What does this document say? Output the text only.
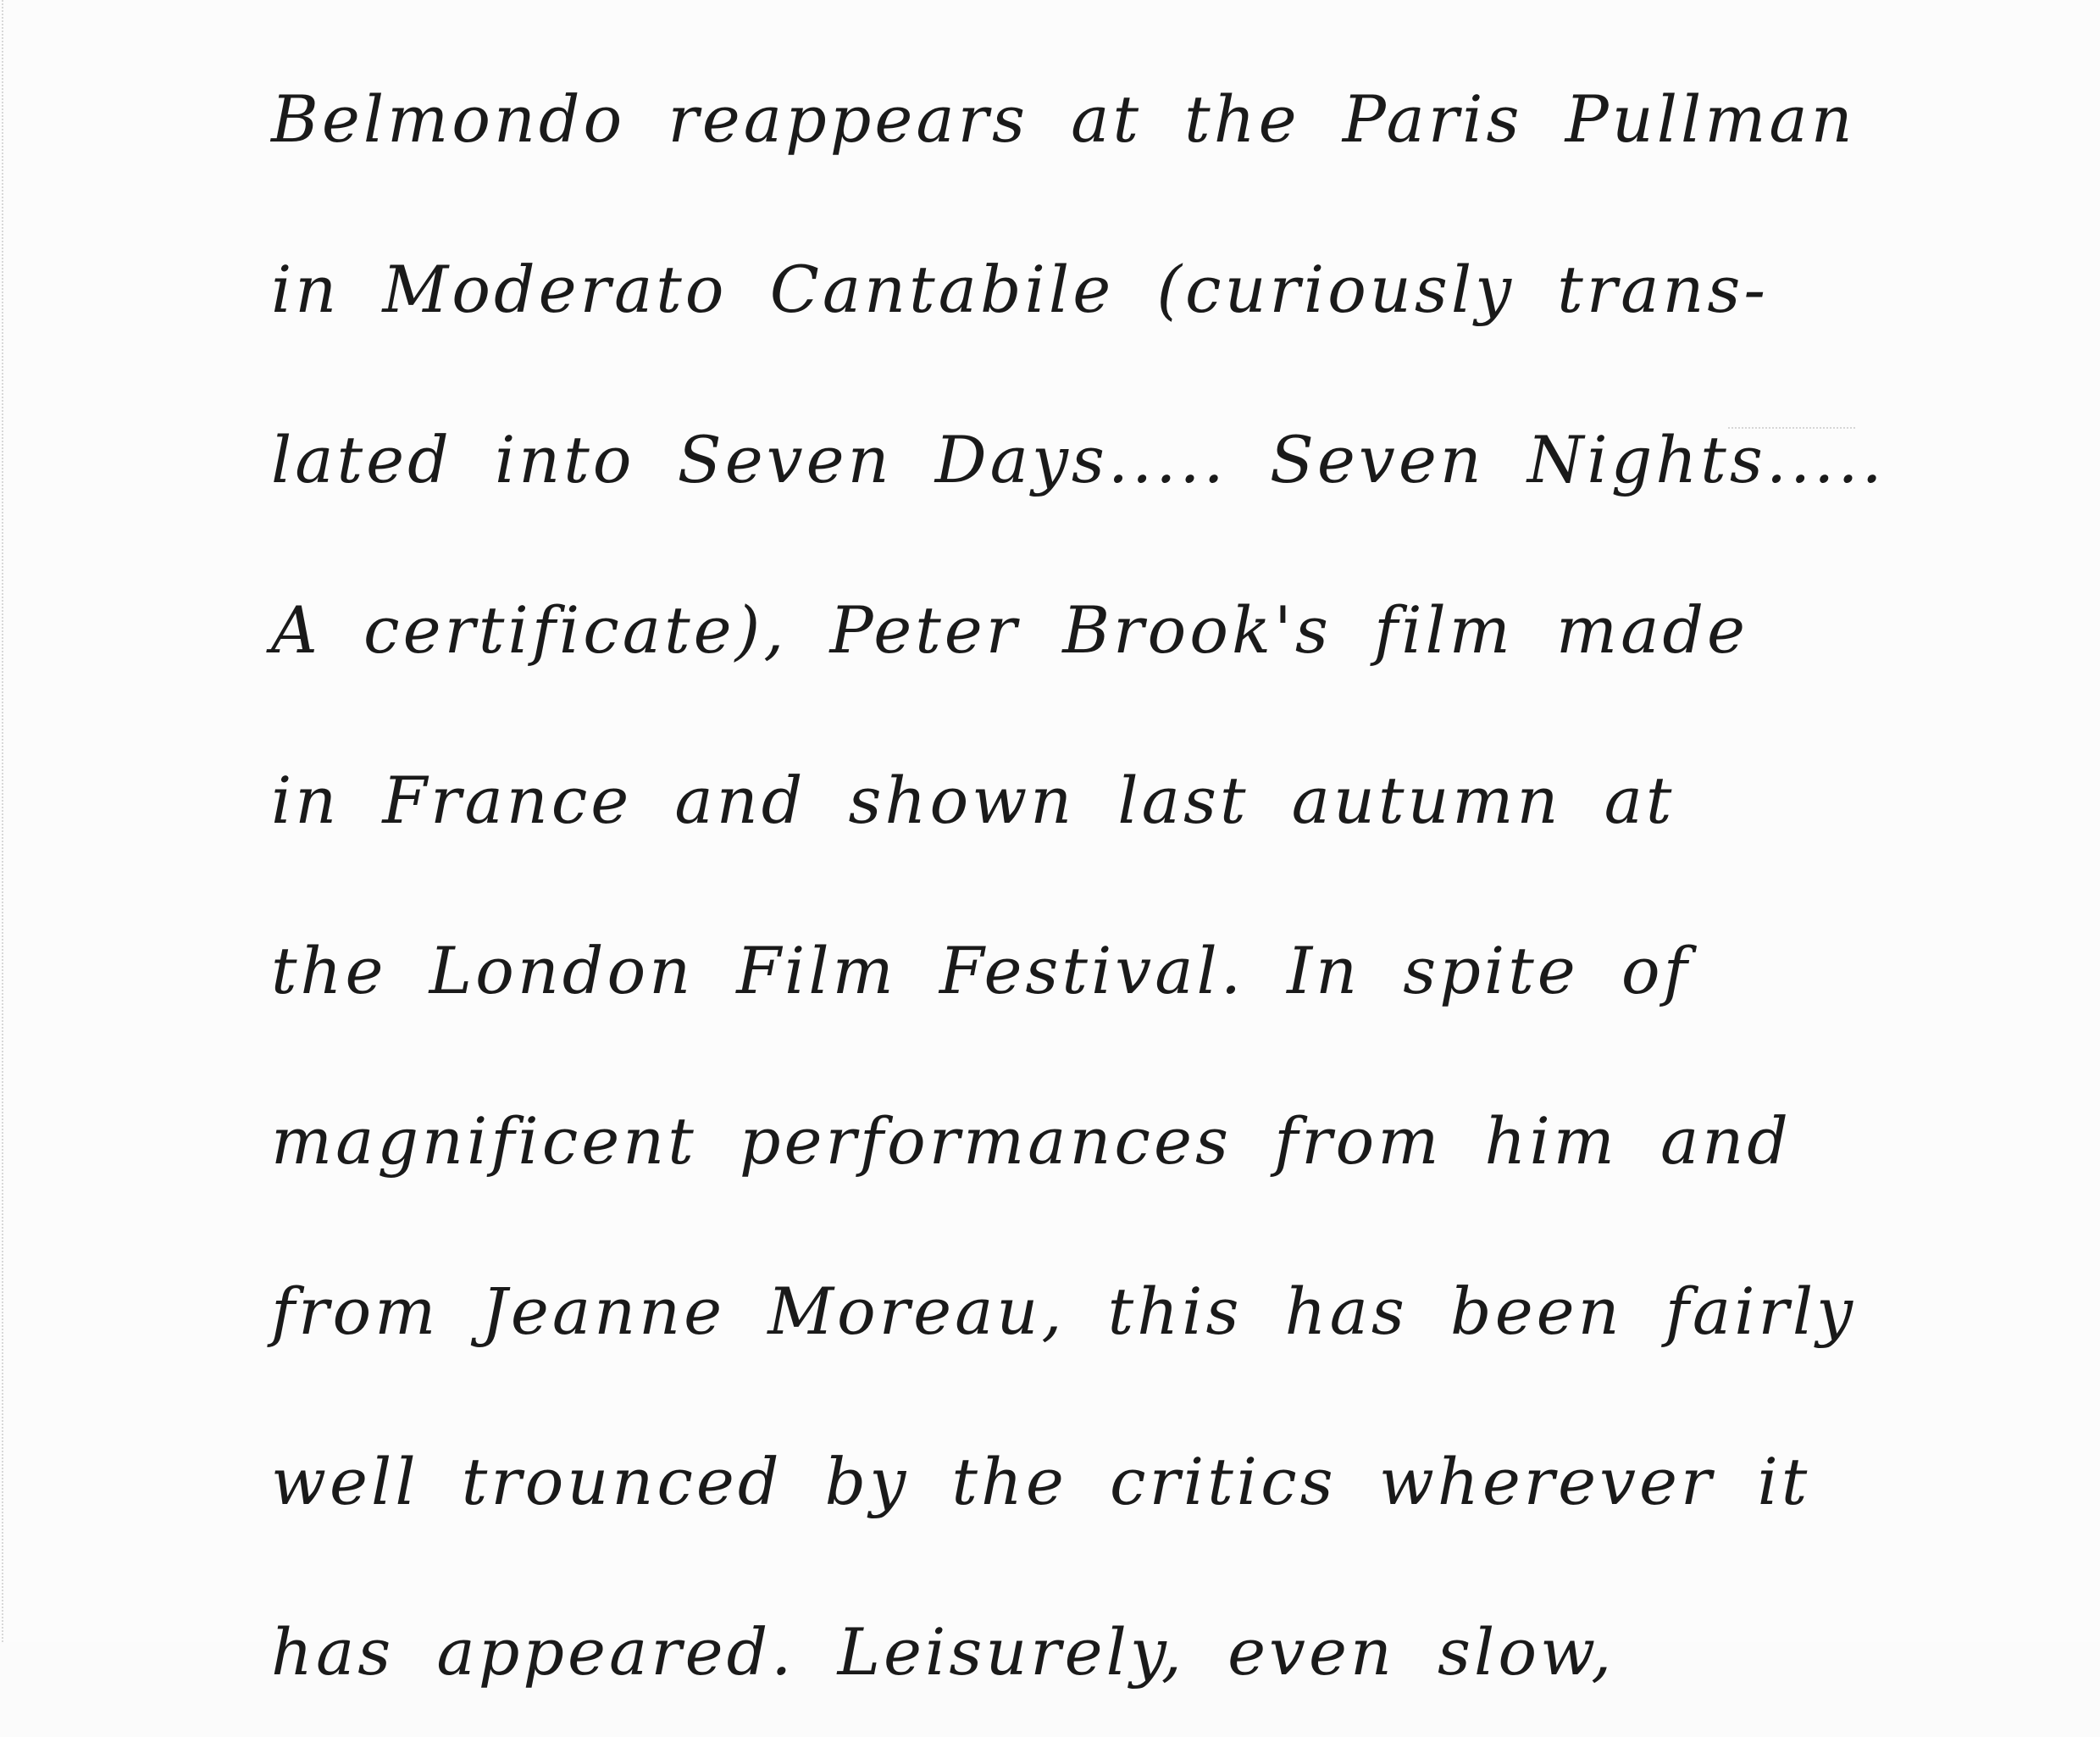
Belmondo reappears at the Paris Pullman
in Moderato Cantabile (curiously trans-
lated into Seven Days..... Seven Nights.....
A certificate), Peter Brook's film made
in France and shown last autumn at
the London Film Festival. In spite of
magnificent performances from him and
from Jeanne Moreau, this has been fairly
well trounced by the critics wherever it
has appeared. Leisurely, even slow,
